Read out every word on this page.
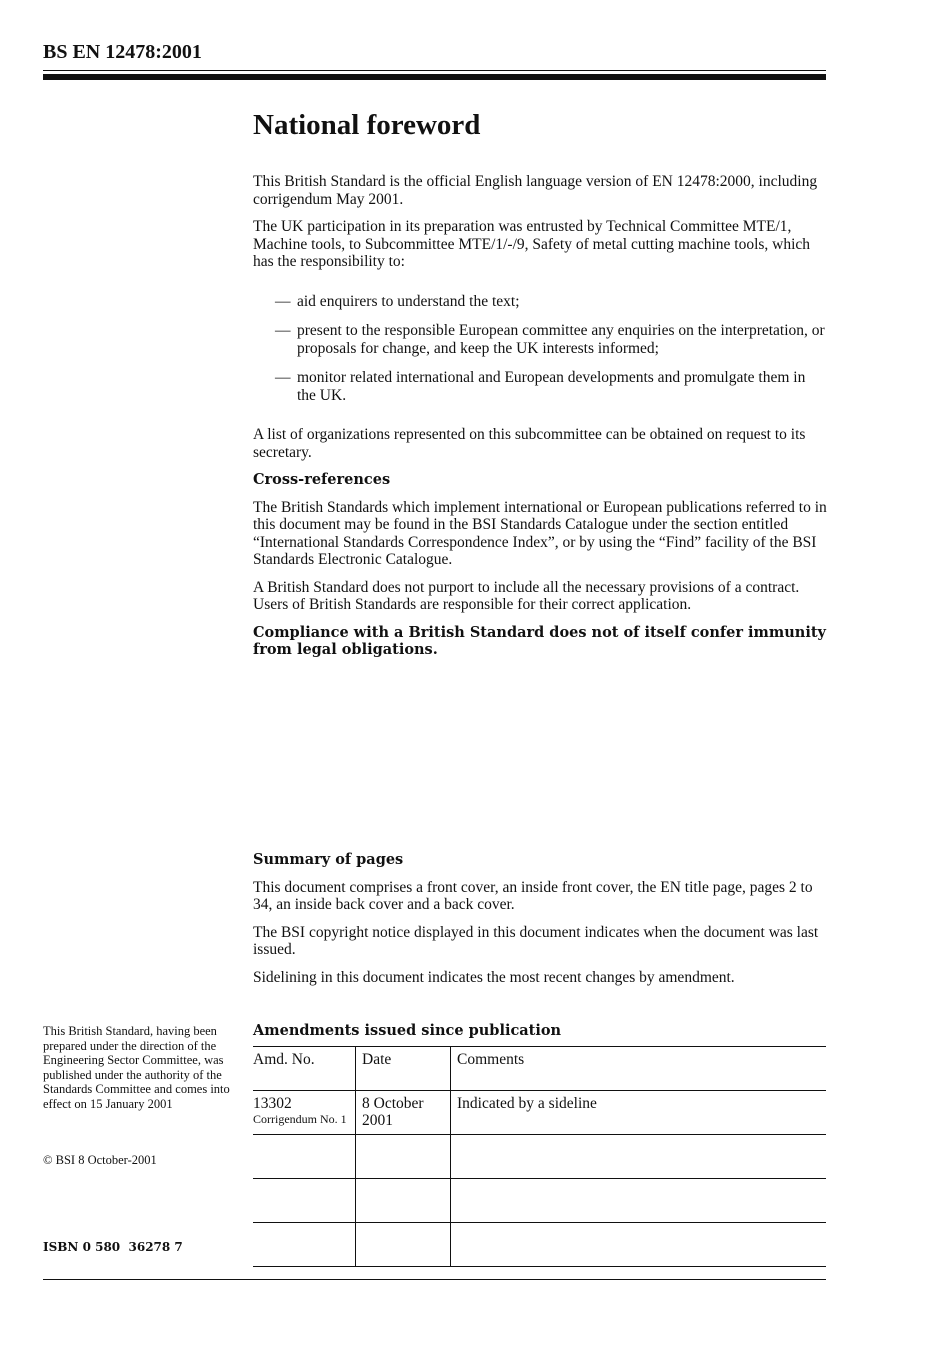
BS EN 12478:2001
National foreword

This British Standard is the official English language version of EN 12478:2000, including corrigendum May 2001.

The UK participation in its preparation was entrusted by Technical Committee MTE/1, Machine tools, to Subcommittee MTE/1/-/9, Safety of metal cutting machine tools, which has the responsibility to:

— aid enquirers to understand the text;
— present to the responsible European committee any enquiries on the interpretation, or proposals for change, and keep the UK interests informed;
— monitor related international and European developments and promulgate them in the UK.

A list of organizations represented on this subcommittee can be obtained on request to its secretary.

Cross-references

The British Standards which implement international or European publications referred to in this document may be found in the BSI Standards Catalogue under the section entitled “International Standards Correspondence Index”, or by using the “Find” facility of the BSI Standards Electronic Catalogue.

A British Standard does not purport to include all the necessary provisions of a contract. Users of British Standards are responsible for their correct application.

Compliance with a British Standard does not of itself confer immunity from legal obligations.

Summary of pages

This document comprises a front cover, an inside front cover, the EN title page, pages 2 to 34, an inside back cover and a back cover.

The BSI copyright notice displayed in this document indicates when the document was last issued.

Sidelining in this document indicates the most recent changes by amendment.

This British Standard, having been prepared under the direction of the Engineering Sector Committee, was published under the authority of the Standards Committee and comes into effect on 15 January 2001

© BSI 8 October-2001

ISBN 0 580  36278 7

Amendments issued since publication
Amd. No.	Date	Comments
13302
Corrigendum No. 1	8 October 2001	Indicated by a sideline
